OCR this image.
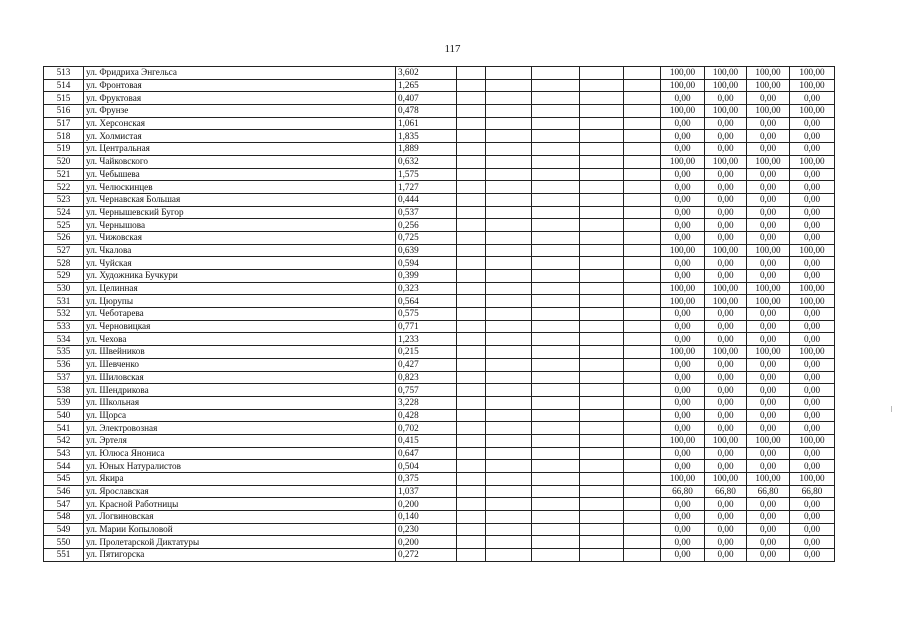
117
513	ул. Фридриха Энгельса	3,602						100,00	100,00	100,00	100,00
514	ул. Фронтовая	1,265						100,00	100,00	100,00	100,00
515	ул. Фруктовая	0,407						0,00	0,00	0,00	0,00
516	ул. Фрунзе	0,478						100,00	100,00	100,00	100,00
517	ул. Херсонская	1,061						0,00	0,00	0,00	0,00
518	ул. Холмистая	1,835						0,00	0,00	0,00	0,00
519	ул. Центральная	1,889						0,00	0,00	0,00	0,00
520	ул. Чайковского	0,632						100,00	100,00	100,00	100,00
521	ул. Чебышева	1,575						0,00	0,00	0,00	0,00
522	ул. Челюскинцев	1,727						0,00	0,00	0,00	0,00
523	ул. Чернавская Большая	0,444						0,00	0,00	0,00	0,00
524	ул. Чернышевский Бугор	0,537						0,00	0,00	0,00	0,00
525	ул. Чернышова	0,256						0,00	0,00	0,00	0,00
526	ул. Чижовская	0,725						0,00	0,00	0,00	0,00
527	ул. Чкалова	0,639						100,00	100,00	100,00	100,00
528	ул. Чуйская	0,594						0,00	0,00	0,00	0,00
529	ул. Художника Бучкури	0,399						0,00	0,00	0,00	0,00
530	ул. Целинная	0,323						100,00	100,00	100,00	100,00
531	ул. Цюрупы	0,564						100,00	100,00	100,00	100,00
532	ул. Чеботарева	0,575						0,00	0,00	0,00	0,00
533	ул. Черновицкая	0,771						0,00	0,00	0,00	0,00
534	ул. Чехова	1,233						0,00	0,00	0,00	0,00
535	ул. Швейников	0,215						100,00	100,00	100,00	100,00
536	ул. Шевченко	0,427						0,00	0,00	0,00	0,00
537	ул. Шиловская	0,823						0,00	0,00	0,00	0,00
538	ул. Шендрикова	0,757						0,00	0,00	0,00	0,00
539	ул. Школьная	3,228						0,00	0,00	0,00	0,00
540	ул. Щорса	0,428						0,00	0,00	0,00	0,00
541	ул. Электровозная	0,702						0,00	0,00	0,00	0,00
542	ул. Эртеля	0,415						100,00	100,00	100,00	100,00
543	ул. Юлюса Янониса	0,647						0,00	0,00	0,00	0,00
544	ул. Юных Натуралистов	0,504						0,00	0,00	0,00	0,00
545	ул. Якира	0,375						100,00	100,00	100,00	100,00
546	ул. Ярославская	1,037						66,80	66,80	66,80	66,80
547	ул. Красной Работницы	0,200						0,00	0,00	0,00	0,00
548	ул. Логвиновская	0,140						0,00	0,00	0,00	0,00
549	ул. Марии Копыловой	0,230						0,00	0,00	0,00	0,00
550	ул. Пролетарской Диктатуры	0,200						0,00	0,00	0,00	0,00
551	ул. Пятигорска	0,272						0,00	0,00	0,00	0,00
